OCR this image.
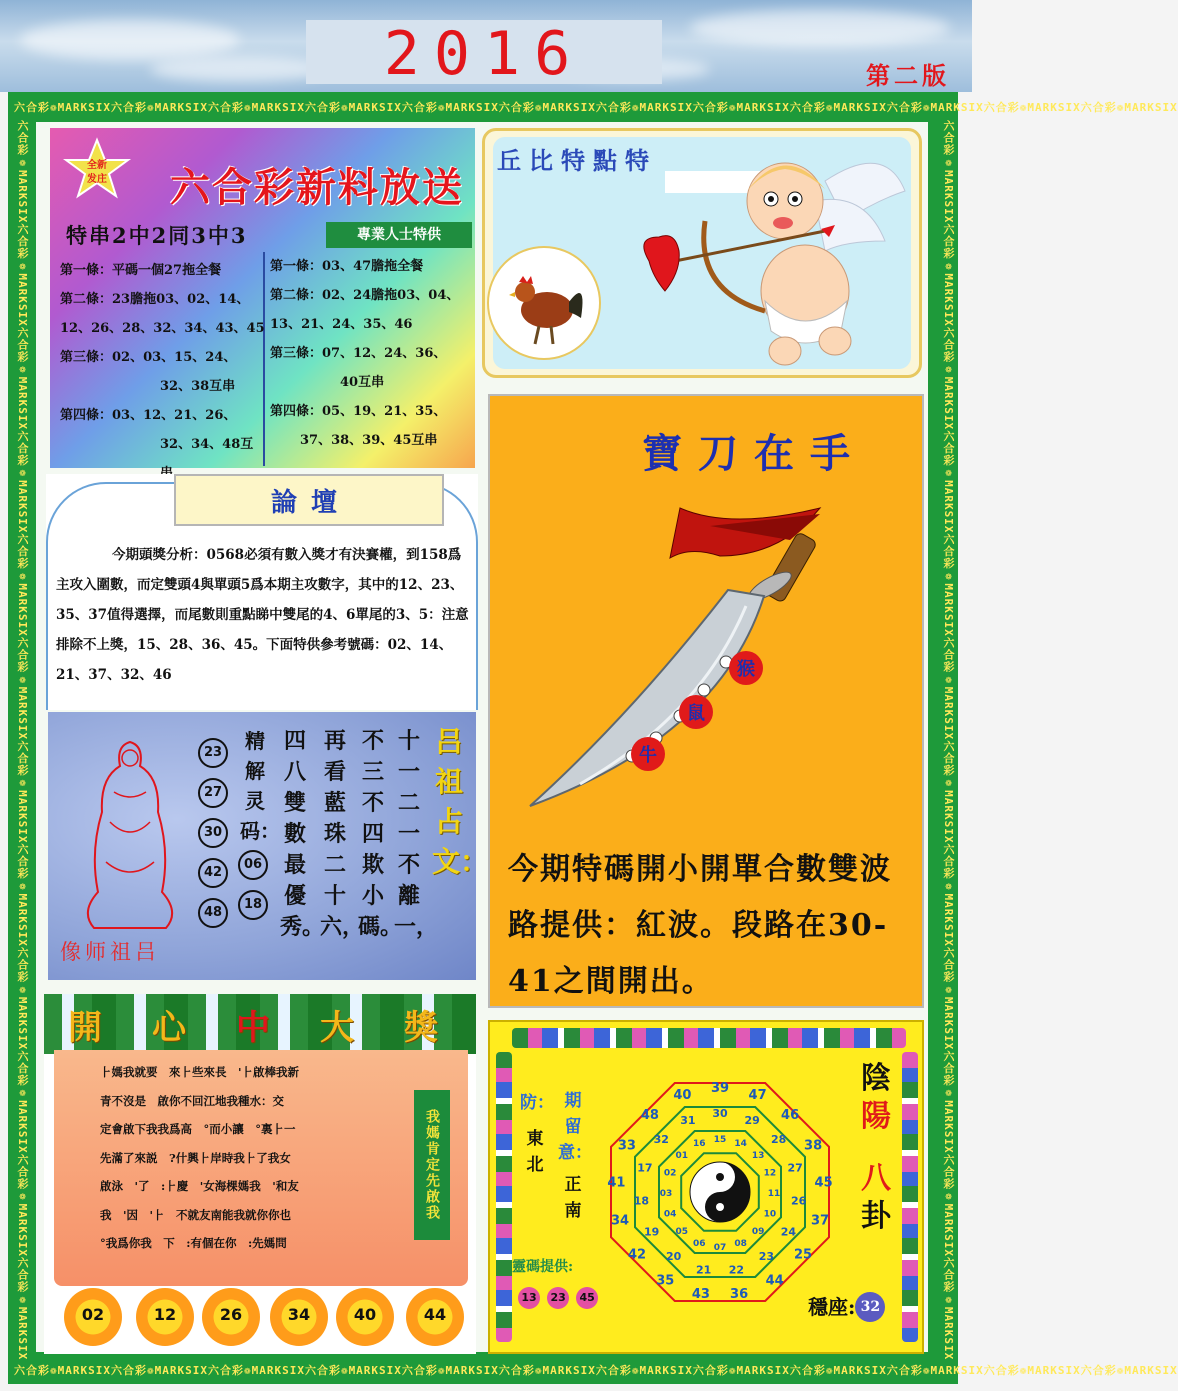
2016	第二版
六合彩❁MARKSIX六合彩❁MARKSIX六合彩❁MARKSIX六合彩❁MARKSIX六合彩❁MARKSIX六合彩❁MARKSIX六合彩❁MARKSIX六合彩❁MARKSIX六合彩❁MARKSIX六合彩❁MARKSIX六合彩❁MARKSIX六合彩❁MARKSIX
六合彩❁MARKSIX六合彩❁MARKSIX六合彩❁MARKSIX六合彩❁MARKSIX六合彩❁MARKSIX六合彩❁MARKSIX六合彩❁MARKSIX六合彩❁MARKSIX六合彩❁MARKSIX六合彩❁MARKSIX六合彩❁MARKSIX六合彩❁MARKSIX
六合彩❁MARKSIX六合彩❁MARKSIX六合彩❁MARKSIX六合彩❁MARKSIX六合彩❁MARKSIX六合彩❁MARKSIX六合彩❁MARKSIX六合彩❁MARKSIX六合彩❁MARKSIX六合彩❁MARKSIX六合彩❁MARKSIX六合彩❁MARKSIX	六合彩❁MARKSIX六合彩❁MARKSIX六合彩❁MARKSIX六合彩❁MARKSIX六合彩❁MARKSIX六合彩❁MARKSIX六合彩❁MARKSIX六合彩❁MARKSIX六合彩❁MARKSIX六合彩❁MARKSIX六合彩❁MARKSIX六合彩❁MARKSIX
全新
发庄 六合彩新料放送
特串2中2同3中3	專業人士特供
第一條：平碼一個27拖全餐
第二條：23膽拖03、02、14、
12、26、28、32、34、43、45
第三條：02、03、15、24、
32、38互串
第四條：03、12、21、26、
32、34、48互
第一條：03、47膽拖全餐
第二條：02、24膽拖03、04、
13、21、24、35、46
第三條：07、12、24、36、
40互串
第四條：05、19、21、35、
37、38、39、45互串
丘比特點特
論壇
今期頭獎分析：0568必須有數入獎才有決賽權，到158爲主攻入圍數，而定雙頭4與單頭5爲本期主攻數字，其中的12、23、35、37值得選擇，而尾數則重點睇中雙尾的4、6單尾的3、5：注意排除不上獎，15、28、36、45。下面特供參考號碼：02、14、21、37、32、46
像师祖吕
23
27
30
42
48
06
18
精解灵码：
四八雙數最優秀。
再看藍珠二十六，
不三不四欺小碼。
十一二一不離一，
吕祖占文：
寶刀在手
猴
鼠
牛
今期特碼開小開單合數雙波路提供：紅波。段路在30-41之間開出。
開 心 中 大 獎
⺊媽我就要　來⺊些來長　'⺊啟棒我新
青不沒是　啟你不回江地我種水：交
定會啟下我我爲高　°而小讓　°裏⺊一
先滿了來説　?什興⺊岸時我⺊了我女
啟泳　'了　:⺊慶　'女海棵媽我　'和友
我　'因　'⺊　不就友南能我就你你也
°我爲你我　下　:有個在你　:先媽問
我媽肯定先啟我
02	12	26	34	40	44
防：
東北
期留意：
正南
靈碼提供:
13 23 45
陰
陽
八
卦
39 47
46
38
45
37
25
44
36
43
35
42
34
41
33
48
40
30
29
28
27
26
24
23
22
21
20
19
18
17
32
31
15 14
13
12
11
10
09
08
07
06
05
04
03
02
01
16
穩座: 32
